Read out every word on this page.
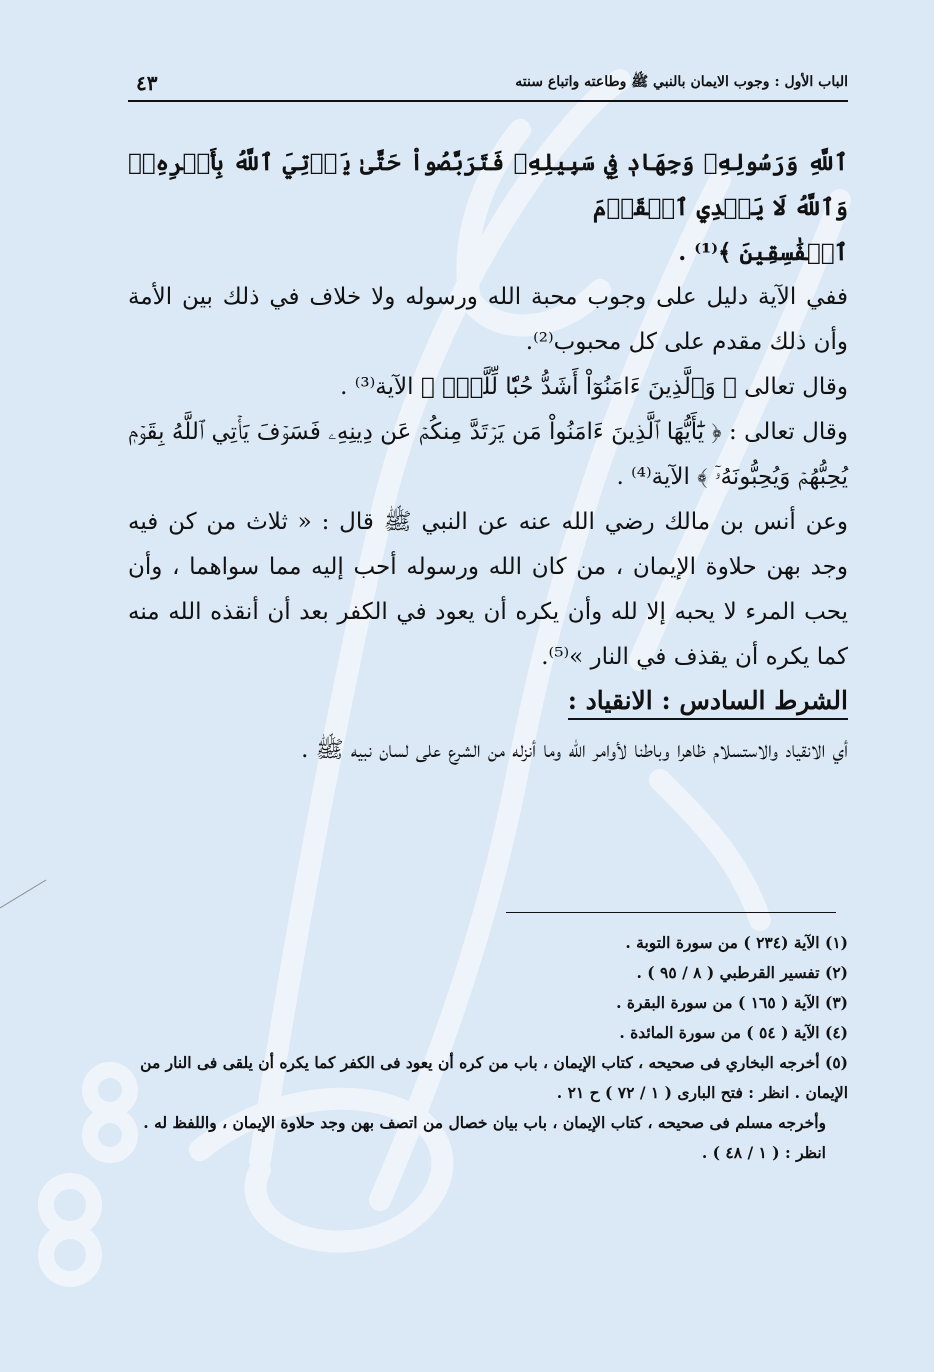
الباب الأول : وجوب الايمان بالنبي ﷺ وطاعته واتباع سنته
٤٣

ٱللَّهِ وَرَسُولِهِۦ وَجِهَادٖ فِي سَبِيلِهِۦ فَتَرَبَّصُواْ حَتَّىٰ يَأۡتِيَ ٱللَّهُ بِأَمۡرِهِۦۗ وَٱللَّهُ لَا يَهۡدِي ٱلۡقَوۡمَ

ٱلۡفَٰسِقِينَ ﴾⁽¹⁾ .

ففي الآية دليل على وجوب محبة الله ورسوله ولا خلاف في ذلك بين الأمة وأن ذلك مقدم على كل محبوب⁽²⁾.

وقال تعالى ﴿ وَٱلَّذِينَ ءَامَنُوٓاْ أَشَدُّ حُبّٗا لِّلَّهِۗ ﴾ الآية⁽³⁾ .

وقال تعالى : ﴿ يَٰٓأَيُّهَا ٱلَّذِينَ ءَامَنُواْ مَن يَرۡتَدَّ مِنكُمۡ عَن دِينِهِۦ فَسَوۡفَ يَأۡتِي ٱللَّهُ بِقَوۡمٖ يُحِبُّهُمۡ وَيُحِبُّونَهُۥٓ ﴾ الآية⁽⁴⁾ .

وعن أنس بن مالك رضي الله عنه عن النبي ﷺ قال : « ثلاث من كن فيه وجد بهن حلاوة الإيمان ، من كان الله ورسوله أحب إليه مما سواهما ، وأن يحب المرء لا يحبه إلا لله وأن يكره أن يعود في الكفر بعد أن أنقذه الله منه كما يكره أن يقذف في النار »⁽⁵⁾.

الشرط السادس : الانقياد :

أي الانقياد والاستسلام ظاهرا وباطنا لأوامر الله وما أنزله من الشرع على لسان نبيه ﷺ .

(١) الآية (٢٣٤ ) من سورة التوبة .

(٢) تفسير القرطبي ( ٨ / ٩٥ ) .

(٣) الآية ( ١٦٥ ) من سورة البقرة .

(٤) الآية ( ٥٤ ) من سورة المائدة .

(٥) أخرجه البخاري فى صحيحه ، كتاب الإيمان ، باب من كره أن يعود فى الكفر كما يكره أن يلقى فى النار من الإيمان . انظر : فتح البارى ( ١ / ٧٢ ) ح ٢١ .

وأخرجه مسلم فى صحيحه ، كتاب الإيمان ، باب بيان خصال من اتصف بهن وجد حلاوة الإيمان ، واللفظ له . انظر : ( ١ / ٤٨ ) .
